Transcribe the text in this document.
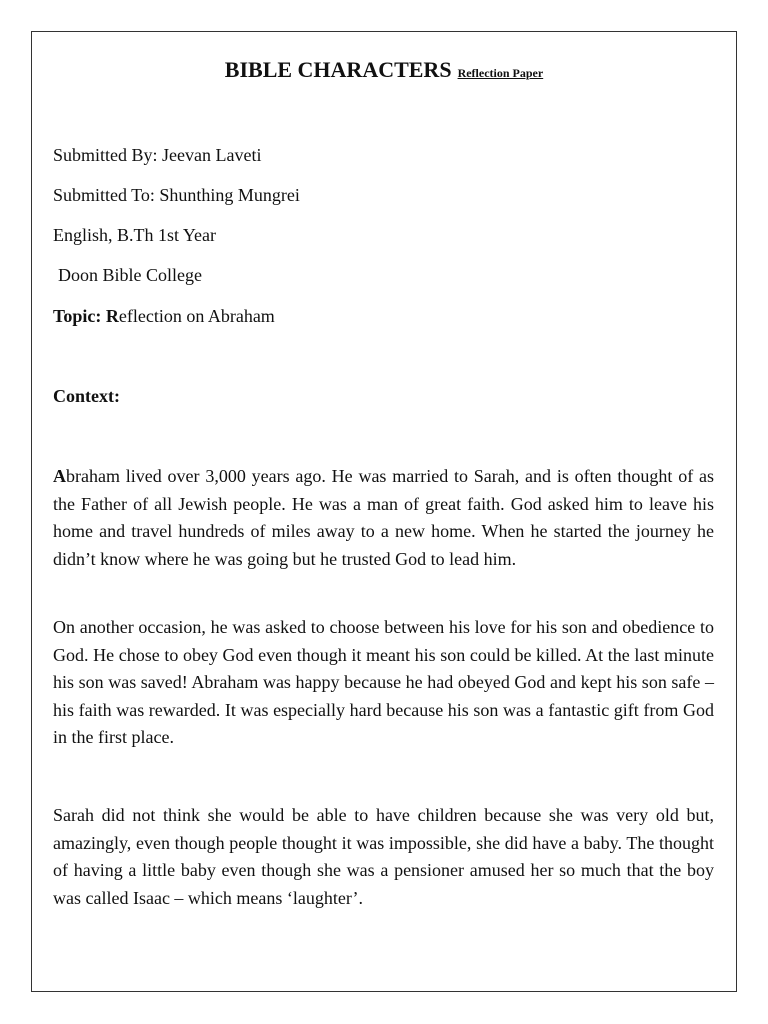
BIBLE CHARACTERS Reflection Paper
Submitted By: Jeevan Laveti
Submitted To: Shunthing Mungrei
English, B.Th 1st Year
Doon Bible College
Topic: Reflection on Abraham
Context:

Abraham lived over 3,000 years ago. He was married to Sarah, and is often thought of as the Father of all Jewish people. He was a man of great faith. God asked him to leave his home and travel hundreds of miles away to a new home. When he started the journey he didn’t know where he was going but he trusted God to lead him.

On another occasion, he was asked to choose between his love for his son and obedience to God. He chose to obey God even though it meant his son could be killed. At the last minute his son was saved! Abraham was happy because he had obeyed God and kept his son safe – his faith was rewarded. It was especially hard because his son was a fantastic gift from God in the first place.

Sarah did not think she would be able to have children because she was very old but, amazingly, even though people thought it was impossible, she did have a baby. The thought of having a little baby even though she was a pensioner amused her so much that the boy was called Isaac – which means ‘laughter’.
